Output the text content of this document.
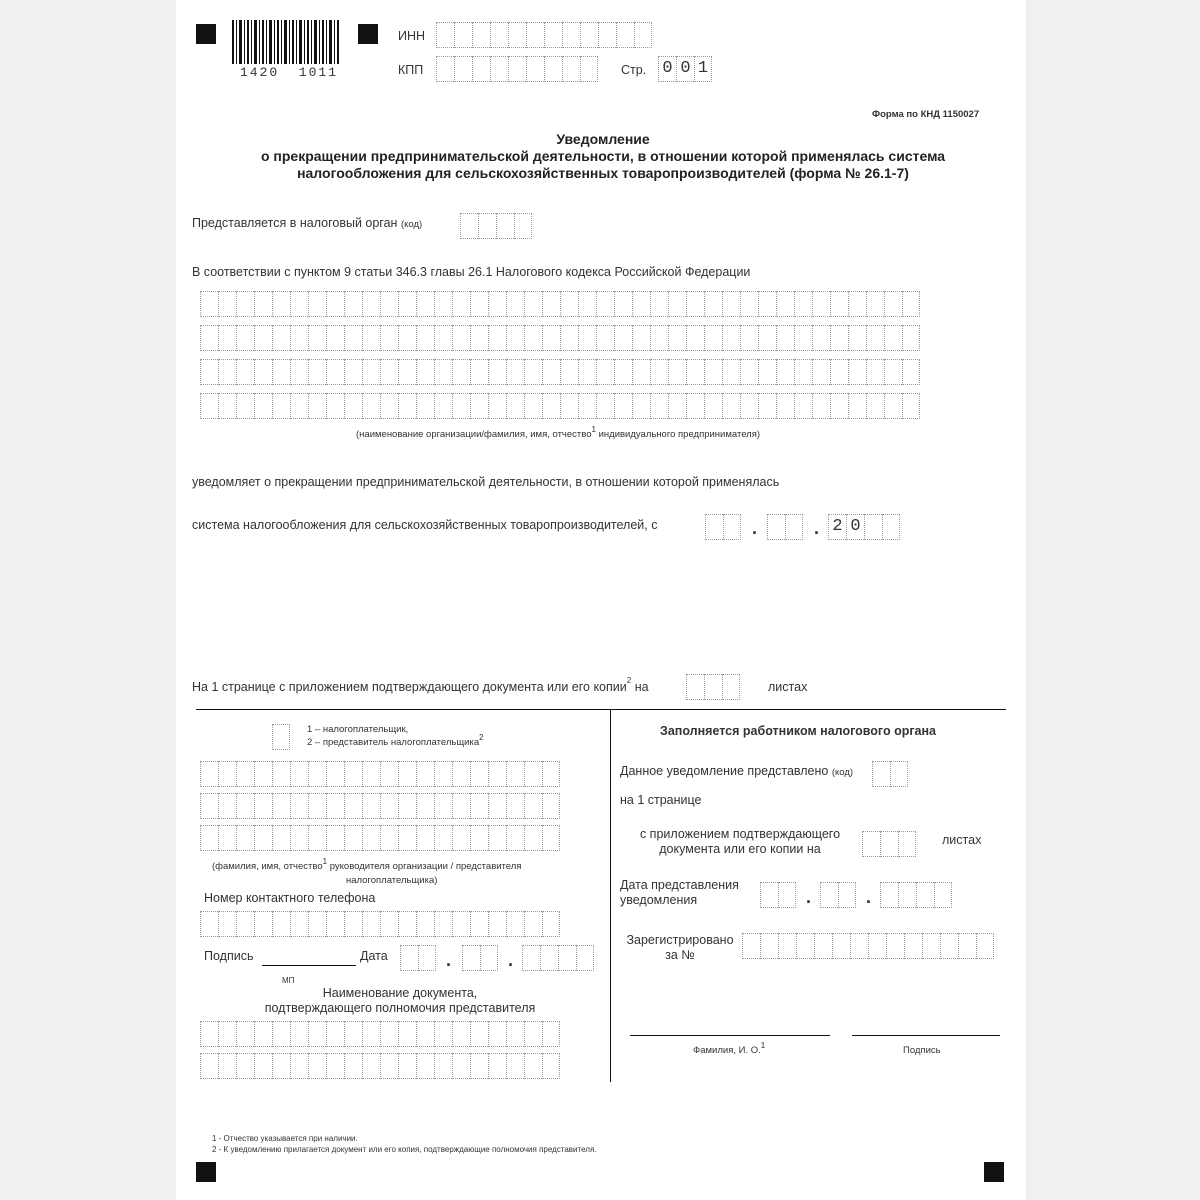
1420  1011
ИНН
КПП	Стр. 0 0 1
Форма по КНД 1150027
Уведомление
о прекращении предпринимательской деятельности, в отношении которой применялась система
налогообложения для сельскохозяйственных товаропроизводителей (форма № 26.1-7)
Представляется в налоговый орган (код)
В соответствии с пунктом 9 статьи 346.3 главы 26.1 Налогового кодекса Российской Федерации
(наименование организации/фамилия, имя, отчество$^1$ индивидуального предпринимателя)
уведомляет о прекращении предпринимательской деятельности, в отношении которой применялась
система налогообложения для сельскохозяйственных товаропроизводителей, с	.	. 2 0
На 1 странице с приложением подтверждающего документа или его копии$^2$ на	листах
1 – налогоплательщик,
2 – представитель налогоплательщика$^2$
(фамилия, имя, отчество$^1$ руководителя организации / представителя
налогоплательщика)
Номер контактного телефона
Подпись	Дата	.	.
МП
Наименование документа,
подтверждающего полномочия представителя
Заполняется работником налогового органа
Данное уведомление представлено (код)
на 1 странице
с приложением подтверждающего
документа или его копии на
листах
Дата представления
уведомления	.	.
Зарегистрировано
за №
Фамилия, И. О.$^1$	Подпись
1 - Отчество указывается при наличии.
2 - К уведомлению прилагается документ или его копия, подтверждающие полномочия представителя.
